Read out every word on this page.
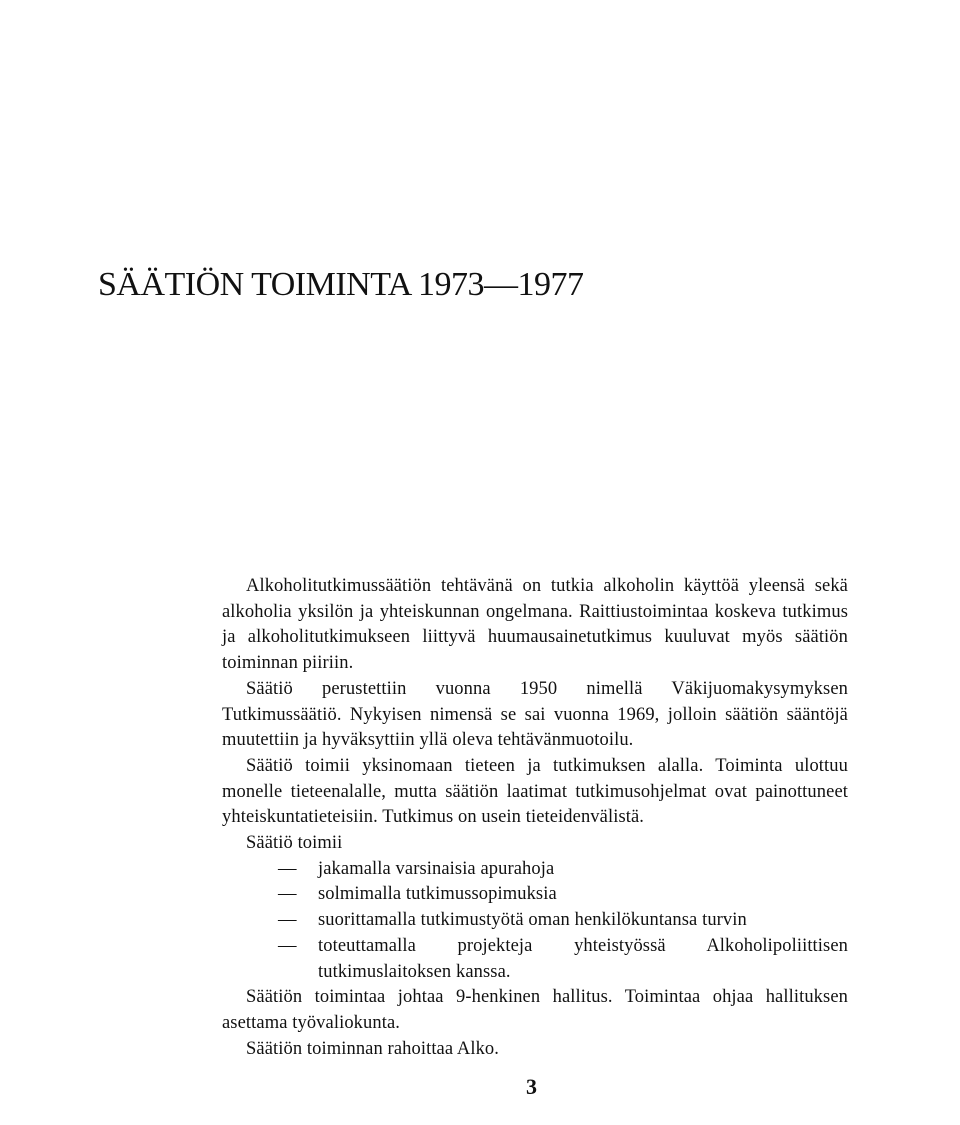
SÄÄTIÖN TOIMINTA 1973—1977

Alkoholitutkimussäätiön tehtävänä on tutkia alkoholin käyttöä yleensä sekä alkoholia yksilön ja yhteiskunnan ongelmana. Raittiustoimintaa koskeva tutkimus ja alkoholitutkimukseen liittyvä huumausainetutkimus kuuluvat myös säätiön toiminnan piiriin.

Säätiö perustettiin vuonna 1950 nimellä Väkijuomakysymyksen Tutkimussäätiö. Nykyisen nimensä se sai vuonna 1969, jolloin säätiön sääntöjä muutettiin ja hyväksyttiin yllä oleva tehtävänmuotoilu.

Säätiö toimii yksinomaan tieteen ja tutkimuksen alalla. Toiminta ulottuu monelle tieteenalalle, mutta säätiön laatimat tutkimusohjelmat ovat painottuneet yhteiskuntatieteisiin. Tutkimus on usein tieteidenvälistä.

Säätiö toimii

— jakamalla varsinaisia apurahoja
— solmimalla tutkimussopimuksia
— suorittamalla tutkimustyötä oman henkilökuntansa turvin
— toteuttamalla projekteja yhteistyössä Alkoholipoliittisen tutkimuslaitoksen kanssa.

Säätiön toimintaa johtaa 9-henkinen hallitus. Toimintaa ohjaa hallituksen asettama työvaliokunta.

Säätiön toiminnan rahoittaa Alko.

3
